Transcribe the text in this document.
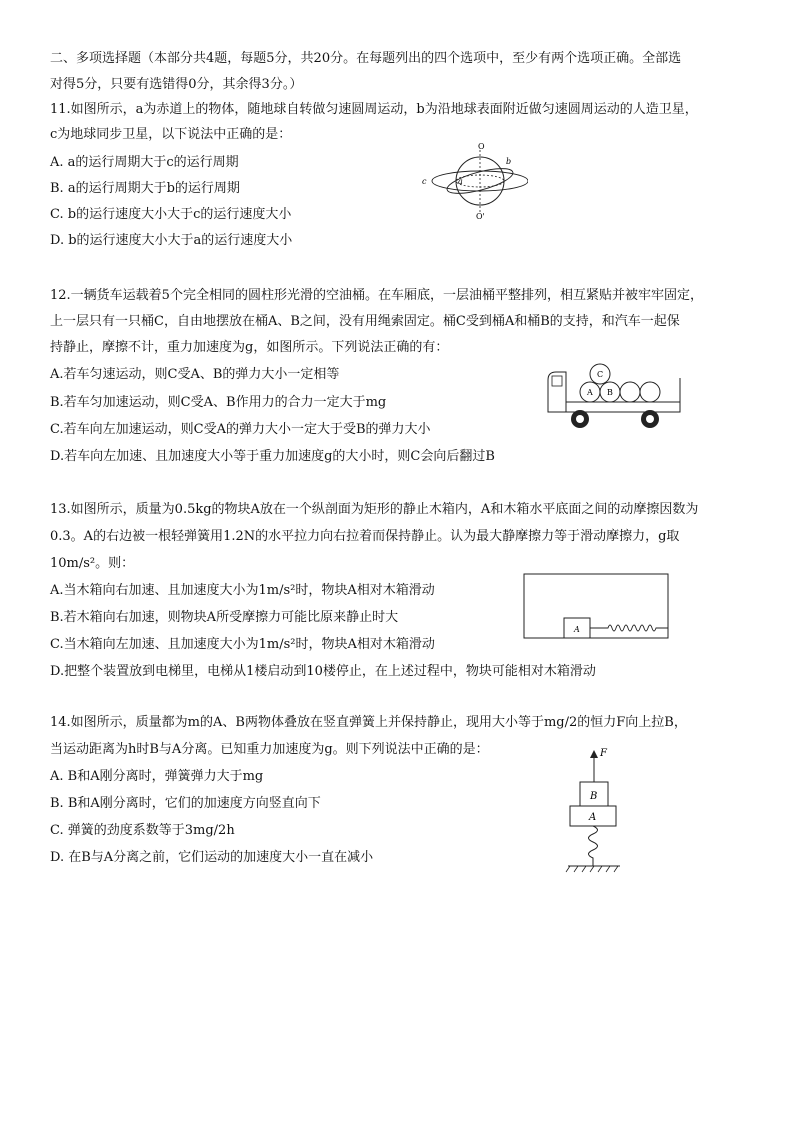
二、多项选择题（本部分共4题，每题5分，共20分。在每题列出的四个选项中，至少有两个选项正确。全部选
对得5分，只要有选错得0分，其余得3分。）
11.如图所示，a为赤道上的物体，随地球自转做匀速圆周运动，b为沿地球表面附近做匀速圆周运动的人造卫星，
c为地球同步卫星，以下说法中正确的是：
A. a的运行周期大于c的运行周期
B. a的运行周期大于b的运行周期
C. b的运行速度大小大于c的运行速度大小
D. b的运行速度大小大于a的运行速度大小
O
O'
a
b
c
12.一辆货车运载着5个完全相同的圆柱形光滑的空油桶。在车厢底，一层油桶平整排列，相互紧贴并被牢牢固定，
上一层只有一只桶C，自由地摆放在桶A、B之间，没有用绳索固定。桶C受到桶A和桶B的支持，和汽车一起保
持静止，摩擦不计，重力加速度为g，如图所示。下列说法正确的有：
A.若车匀速运动，则C受A、B的弹力大小一定相等
B.若车匀加速运动，则C受A、B作用力的合力一定大于mg
C.若车向左加速运动，则C受A的弹力大小一定大于受B的弹力大小
D.若车向左加速、且加速度大小等于重力加速度g的大小时，则C会向后翻过B
A B
C
13.如图所示，质量为0.5kg的物块A放在一个纵剖面为矩形的静止木箱内，A和木箱水平底面之间的动摩擦因数为
0.3。A的右边被一根轻弹簧用1.2N的水平拉力向右拉着而保持静止。认为最大静摩擦力等于滑动摩擦力，g取
10m/s²。则：
A.当木箱向右加速、且加速度大小为1m/s²时，物块A相对木箱滑动
B.若木箱向右加速，则物块A所受摩擦力可能比原来静止时大
C.当木箱向左加速、且加速度大小为1m/s²时，物块A相对木箱滑动
D.把整个装置放到电梯里，电梯从1楼启动到10楼停止，在上述过程中，物块可能相对木箱滑动
A
14.如图所示，质量都为m的A、B两物体叠放在竖直弹簧上并保持静止，现用大小等于mg/2的恒力F向上拉B，
当运动距离为h时B与A分离。已知重力加速度为g。则下列说法中正确的是：
A. B和A刚分离时，弹簧弹力大于mg
B. B和A刚分离时，它们的加速度方向竖直向下
C. 弹簧的劲度系数等于3mg/2h
D. 在B与A分离之前，它们运动的加速度大小一直在减小
F
B
A
